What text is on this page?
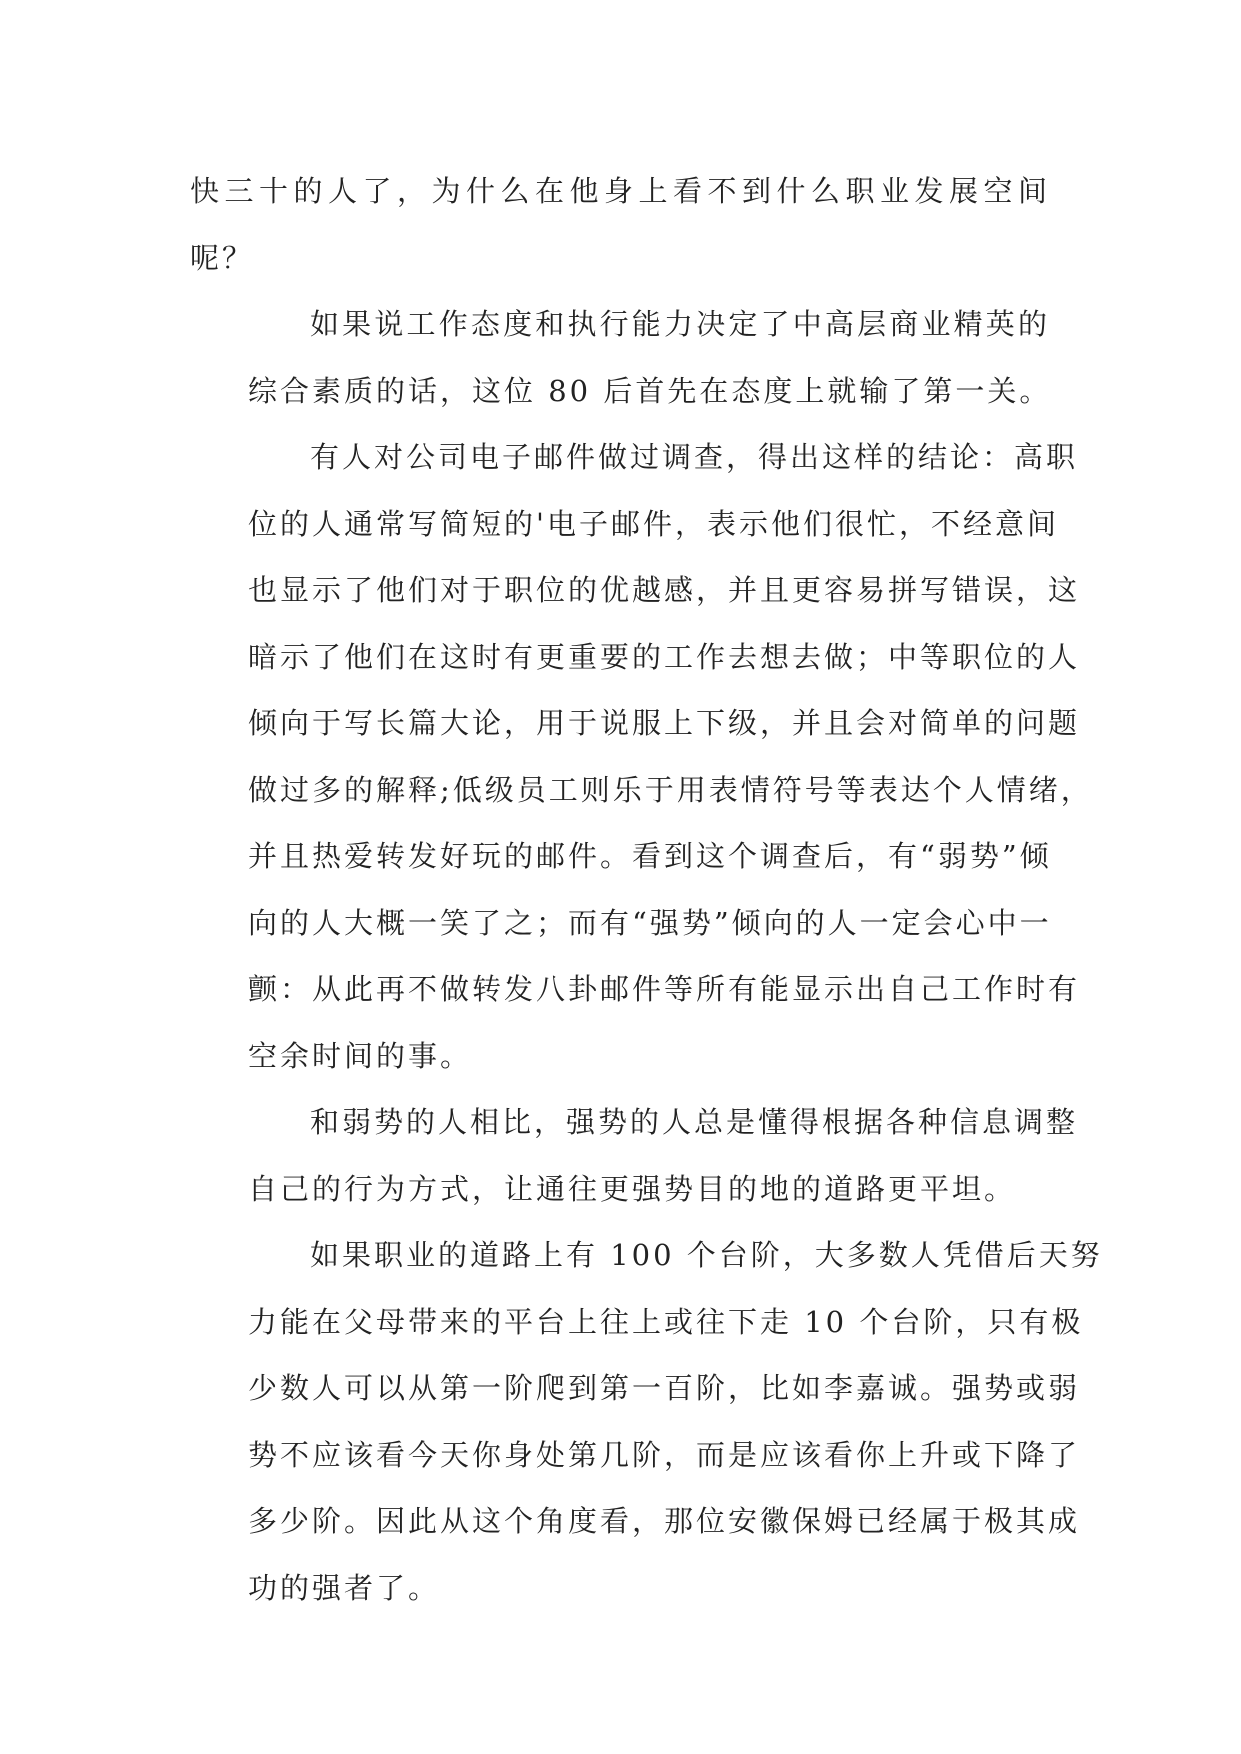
快三十的人了，为什么在他身上看不到什么职业发展空间
呢？
如果说工作态度和执行能力决定了中高层商业精英的
综合素质的话，这位 80 后首先在态度上就输了第一关。
有人对公司电子邮件做过调查，得出这样的结论：高职
位的人通常写简短的'电子邮件，表示他们很忙，不经意间
也显示了他们对于职位的优越感，并且更容易拼写错误，这
暗示了他们在这时有更重要的工作去想去做；中等职位的人
倾向于写长篇大论，用于说服上下级，并且会对简单的问题
做过多的解释;低级员工则乐于用表情符号等表达个人情绪，
并且热爱转发好玩的邮件。看到这个调查后，有“弱势”倾
向的人大概一笑了之；而有“强势”倾向的人一定会心中一
颤：从此再不做转发八卦邮件等所有能显示出自己工作时有
空余时间的事。
和弱势的人相比，强势的人总是懂得根据各种信息调整
自己的行为方式，让通往更强势目的地的道路更平坦。
如果职业的道路上有 100 个台阶，大多数人凭借后天努
力能在父母带来的平台上往上或往下走 10 个台阶，只有极
少数人可以从第一阶爬到第一百阶，比如李嘉诚。强势或弱
势不应该看今天你身处第几阶，而是应该看你上升或下降了
多少阶。因此从这个角度看，那位安徽保姆已经属于极其成
功的强者了。
